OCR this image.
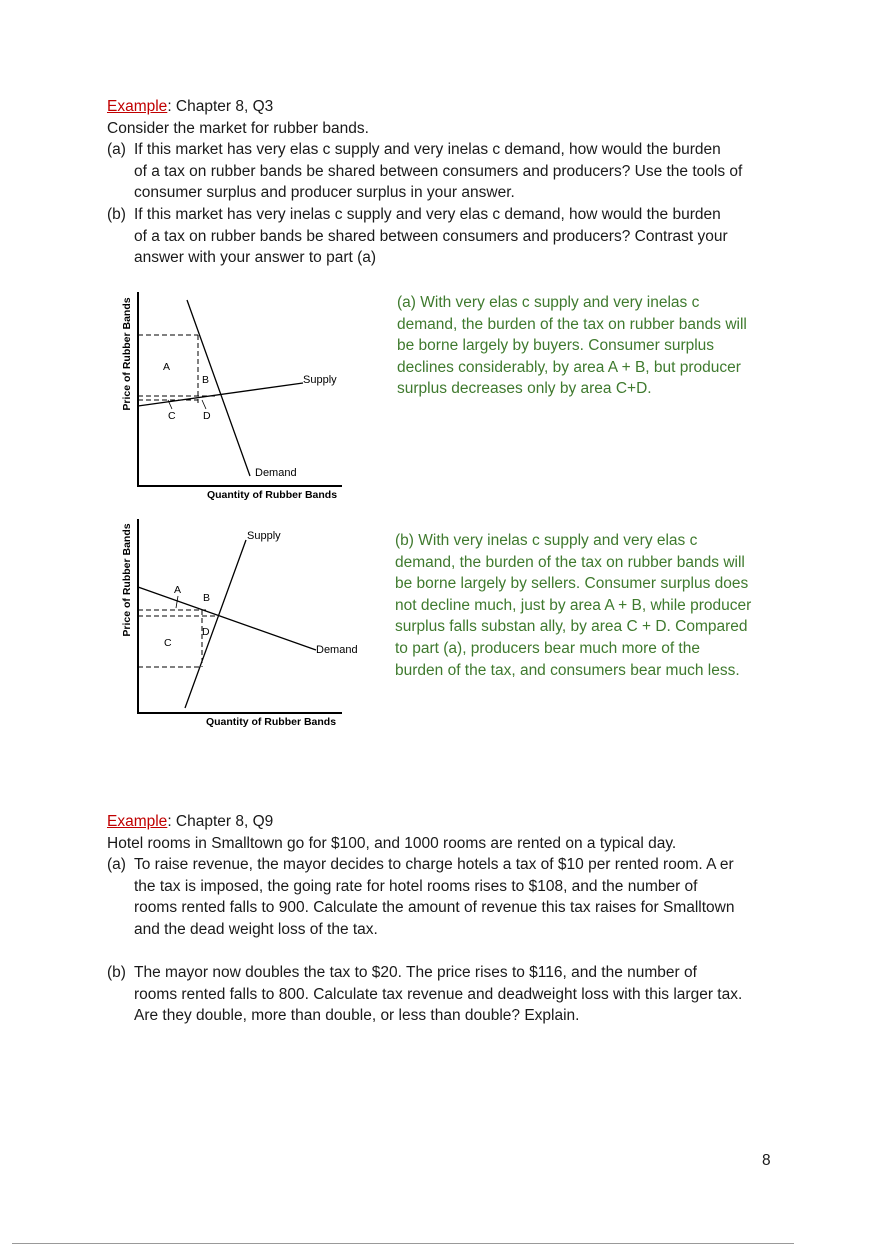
Example: Chapter 8, Q3
Consider the market for rubber bands.
(a) If this market has very elas c supply and very inelas c demand, how would the burden
of a tax on rubber bands be shared between consumers and producers? Use the tools of
consumer surplus and producer surplus in your answer.
(b) If this market has very inelas c supply and very elas c demand, how would the burden
of a tax on rubber bands be shared between consumers and producers? Contrast your
answer with your answer to part (a)
Price of Rubber Bands
Quantity of Rubber Bands
A
B
C	D
Supply
Demand
(a) With very elas c supply and very inelas c
demand, the burden of the tax on rubber bands will
be borne largely by buyers. Consumer surplus
declines considerably, by area A + B, but producer
surplus decreases only by area C+D.
Price of Rubber Bands
Quantity of Rubber Bands
A
B
C
D
Supply
Demand
(b) With very inelas c supply and very elas c
demand, the burden of the tax on rubber bands will
be borne largely by sellers. Consumer surplus does
not decline much, just by area A + B, while producer
surplus falls substan ally, by area C + D. Compared
to part (a), producers bear much more of the
burden of the tax, and consumers bear much less.
Example: Chapter 8, Q9
Hotel rooms in Smalltown go for $100, and 1000 rooms are rented on a typical day.
(a) To raise revenue, the mayor decides to charge hotels a tax of $10 per rented room. A er
the tax is imposed, the going rate for hotel rooms rises to $108, and the number of
rooms rented falls to 900. Calculate the amount of revenue this tax raises for Smalltown
and the dead weight loss of the tax.
(b) The mayor now doubles the tax to $20. The price rises to $116, and the number of
rooms rented falls to 800. Calculate tax revenue and deadweight loss with this larger tax.
Are they double, more than double, or less than double? Explain.
8
